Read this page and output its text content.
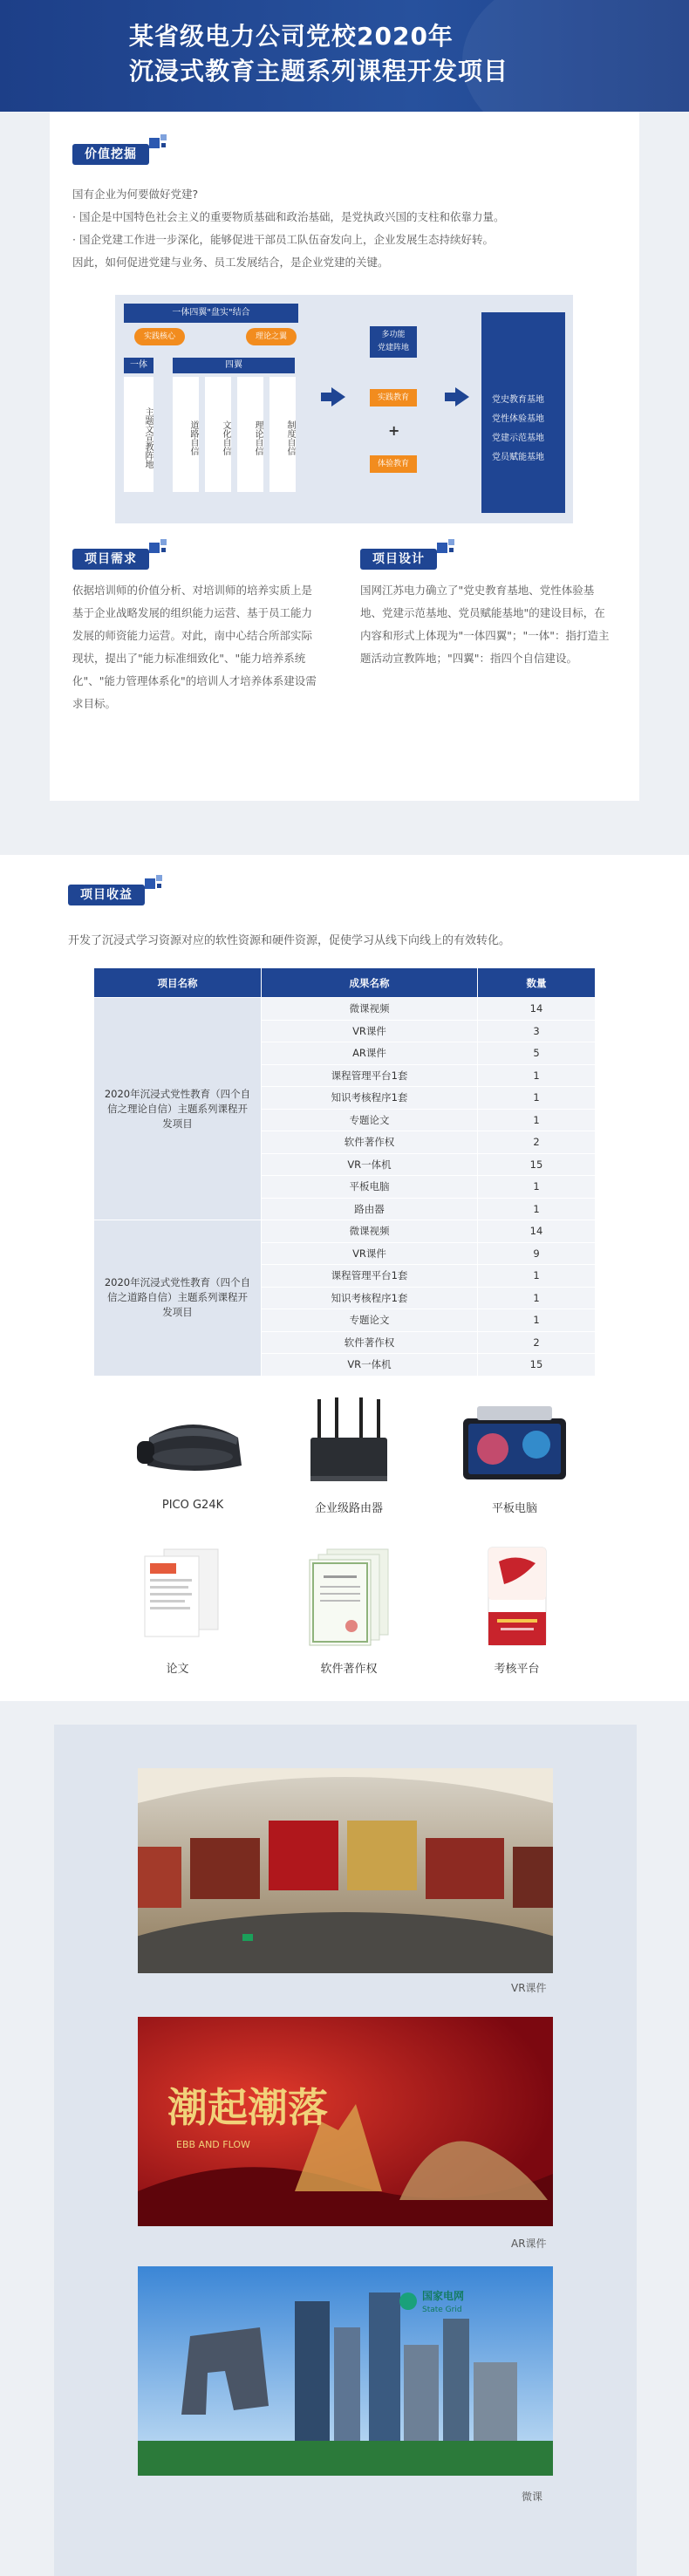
某省级电力公司党校2020年
沉浸式教育主题系列课程开发项目
价值挖掘

国有企业为何要做好党建?

· 国企是中国特色社会主义的重要物质基础和政治基础，是党执政兴国的支柱和依靠力量。

· 国企党建工作进一步深化，能够促进干部员工队伍奋发向上，企业发展生态持续好转。

因此，如何促进党建与业务、员工发展结合，是企业党建的关键。

一体四翼"盘实"结合
实践核心	理论之翼
一体
主题文宣教阵地
四翼
道路自信	文化自信	理论自信	制度自信
多功能
党建阵地
实践教育
+
体验教育
党史教育基地
党性体验基地
党建示范基地
党员赋能基地
项目需求
依据培训师的价值分析、对培训师的培养实质上是基于企业战略发展的组织能力运营、基于员工能力发展的师资能力运营。对此，南中心结合所部实际现状，提出了"能力标准细致化"、"能力培养系统化"、"能力管理体系化"的培训人才培养体系建设需求目标。
项目设计
国网江苏电力确立了"党史教育基地、党性体验基地、党建示范基地、党员赋能基地"的建设目标，在内容和形式上体现为"一体四翼"；"一体"：指打造主题活动宣教阵地；"四翼"：指四个自信建设。
项目收益
开发了沉浸式学习资源对应的软性资源和硬件资源，促使学习从线下向线上的有效转化。
项目名称	成果名称	数量
2020年沉浸式党性教育（四个自信之理论自信）主题系列课程开发项目	微课视频	14
	VR课件	3
	AR课件	5
	课程管理平台1套	1
	知识考核程序1套	1
	专题论文	1
	软件著作权	2
	VR一体机	15
	平板电脑	1
	路由器	1
2020年沉浸式党性教育（四个自信之道路自信）主题系列课程开发项目	微课视频	14
	VR课件	9
	课程管理平台1套	1
	知识考核程序1套	1
	专题论文	1
	软件著作权	2
	VR一体机	15
PICO G24K	企业级路由器	平板电脑
论文	软件著作权	考核平台
VR课件
潮起潮落
EBB AND FLOW
AR课件
国家电网
State Grid
微课
